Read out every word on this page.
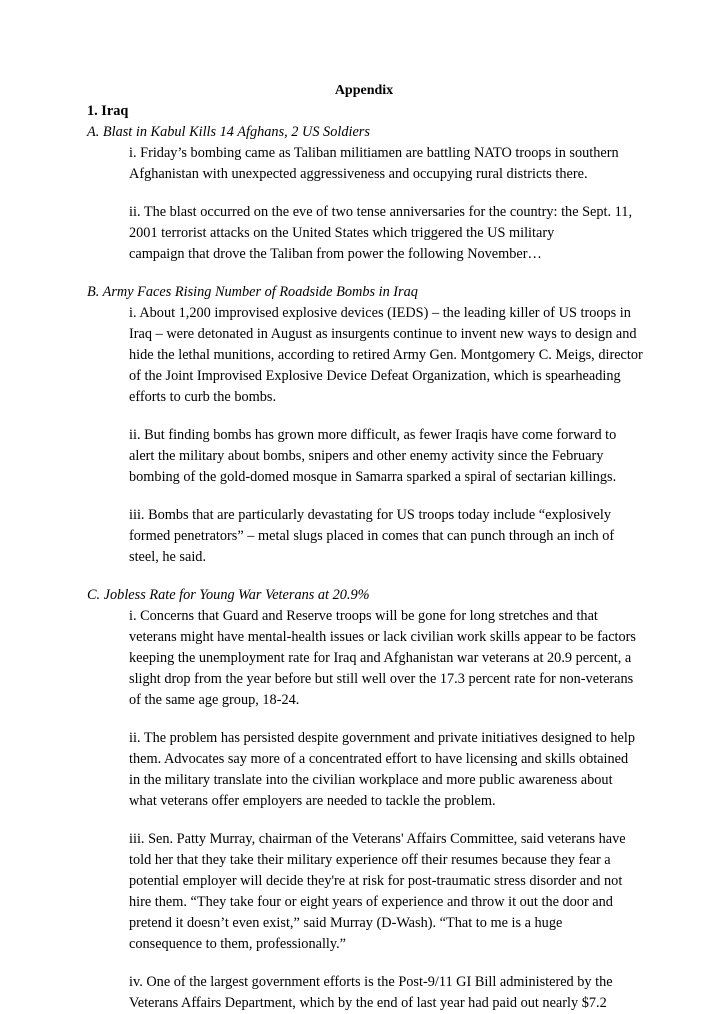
Appendix

1. Iraq

A. Blast in Kabul Kills 14 Afghans, 2 US Soldiers

i. Friday’s bombing came as Taliban militiamen are battling NATO troops in southern
Afghanistan with unexpected aggressiveness and occupying rural districts there.
ii. The blast occurred on the eve of two tense anniversaries for the country: the Sept. 11,
2001 terrorist attacks on the United States which triggered the US military
campaign that drove the Taliban from power the following November…

B. Army Faces Rising Number of Roadside Bombs in Iraq

i. About 1,200 improvised explosive devices (IEDS) – the leading killer of US troops in
Iraq – were detonated in August as insurgents continue to invent new ways to design and
hide the lethal munitions, according to retired Army Gen. Montgomery C. Meigs, director
of the Joint Improvised Explosive Device Defeat Organization, which is spearheading
efforts to curb the bombs.
ii. But finding bombs has grown more difficult, as fewer Iraqis have come forward to
alert the military about bombs, snipers and other enemy activity since the February
bombing of the gold-domed mosque in Samarra sparked a spiral of sectarian killings.
iii. Bombs that are particularly devastating for US troops today include “explosively
formed penetrators” – metal slugs placed in comes that can punch through an inch of
steel, he said.

C. Jobless Rate for Young War Veterans at 20.9%

i. Concerns that Guard and Reserve troops will be gone for long stretches and that
veterans might have mental-health issues or lack civilian work skills appear to be factors
keeping the unemployment rate for Iraq and Afghanistan war veterans at 20.9 percent, a
slight drop from the year before but still well over the 17.3 percent rate for non-veterans
of the same age group, 18-24.
ii. The problem has persisted despite government and private initiatives designed to help
them. Advocates say more of a concentrated effort to have licensing and skills obtained
in the military translate into the civilian workplace and more public awareness about
what veterans offer employers are needed to tackle the problem.
iii. Sen. Patty Murray, chairman of the Veterans' Affairs Committee, said veterans have
told her that they take their military experience off their resumes because they fear a
potential employer will decide they're at risk for post-traumatic stress disorder and not
hire them. “They take four or eight years of experience and throw it out the door and
pretend it doesn’t even exist,” said Murray (D-Wash). “That to me is a huge
consequence to them, professionally.”
iv. One of the largest government efforts is the Post-9/11 GI Bill administered by the
Veterans Affairs Department, which by the end of last year had paid out nearly $7.2
